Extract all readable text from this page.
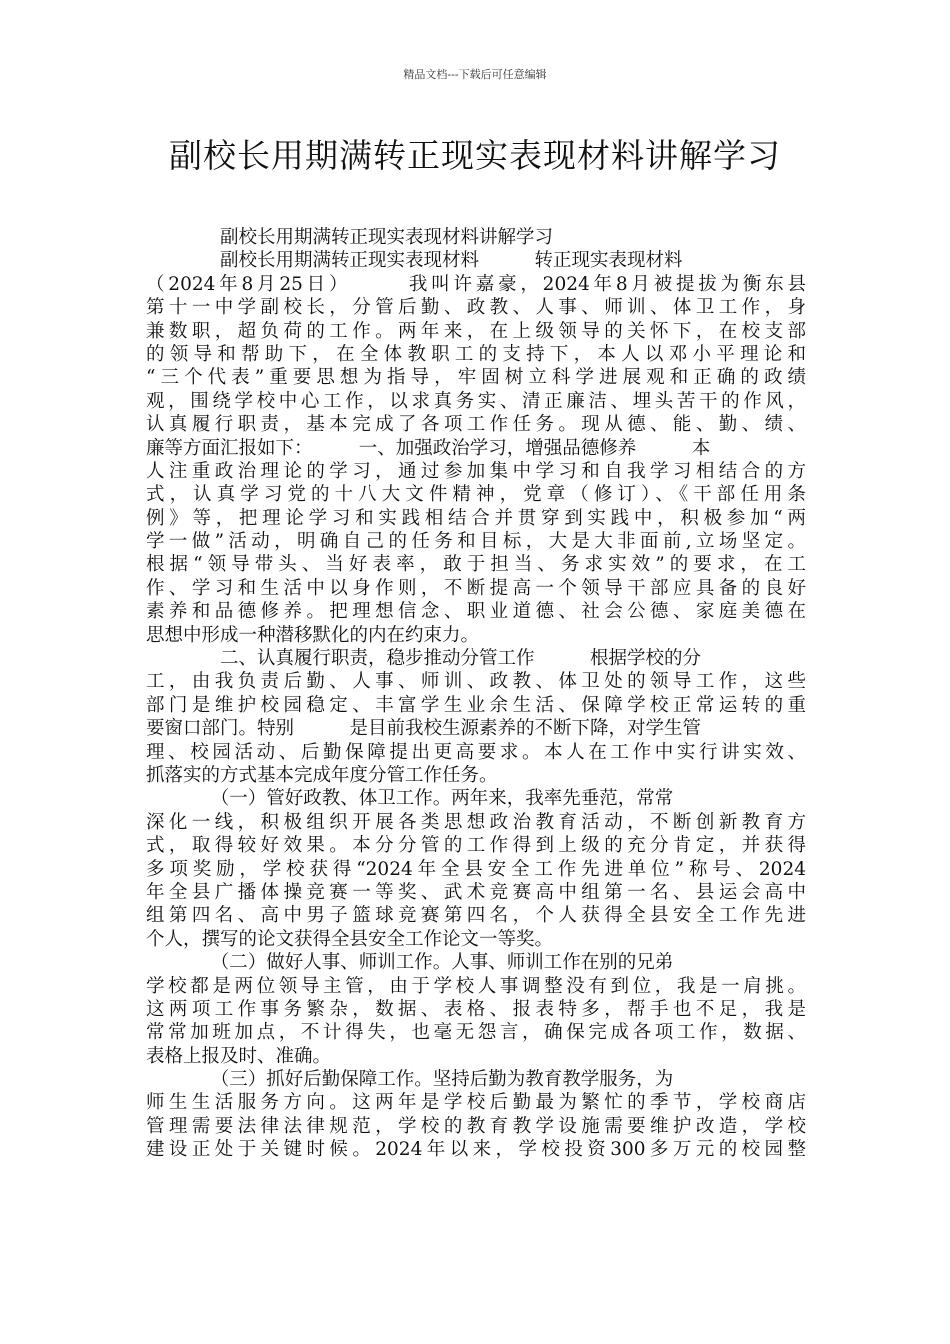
精品文档---下载后可任意编辑
副校长用期满转正现实表现材料讲解学习
　　　　副校长用期满转正现实表现材料讲解学习
　　　　副校长用期满转正现实表现材料　　　转正现实表现材料
（2024年8月25日）　　　我叫许嘉豪，2024年8月被提拔为衡东县
第十一中学副校长，分管后勤、政教、人事、师训、体卫工作，身
兼数职，超负荷的工作。两年来，在上级领导的关怀下，在校支部
的领导和帮助下，在全体教职工的支持下，本人以邓小平理论和
“三个代表”重要思想为指导，牢固树立科学进展观和正确的政绩
观，围绕学校中心工作，以求真务实、清正廉洁、埋头苦干的作风，
认真履行职责，基本完成了各项工作任务。现从德、能、勤、绩、
廉等方面汇报如下：　　　一、加强政治学习，增强品德修养　　　本
人注重政治理论的学习，通过参加集中学习和自我学习相结合的方
式，认真学习党的十八大文件精神，党章（修订）、《干部任用条
例》等，把理论学习和实践相结合并贯穿到实践中，积极参加“两
学一做”活动，明确自己的任务和目标，大是大非面前,立场坚定。
根据“领导带头、当好表率，敢于担当、务求实效”的要求，在工
作、学习和生活中以身作则，不断提高一个领导干部应具备的良好
素养和品德修养。把理想信念、职业道德、社会公德、家庭美德在
思想中形成一种潜移默化的内在约束力。
　　　　二、认真履行职责，稳步推动分管工作　　　根据学校的分
工，由我负责后勤、人事、师训、政教、体卫处的领导工作，这些
部门是维护校园稳定、丰富学生业余生活、保障学校正常运转的重
要窗口部门。特别　　　是目前我校生源素养的不断下降，对学生管
理、校园活动、后勤保障提出更高要求。本人在工作中实行讲实效、
抓落实的方式基本完成年度分管工作任务。
　　　　（一）管好政教、体卫工作。两年来，我率先垂范，常常
深化一线，积极组织开展各类思想政治教育活动，不断创新教育方
式，取得较好效果。本分分管的工作得到上级的充分肯定，并获得
多项奖励，学校获得“2024年全县安全工作先进单位”称号、2024
年全县广播体操竞赛一等奖、武术竞赛高中组第一名、县运会高中
组第四名、高中男子篮球竞赛第四名，个人获得全县安全工作先进
个人，撰写的论文获得全县安全工作论文一等奖。
　　　　（二）做好人事、师训工作。人事、师训工作在别的兄弟
学校都是两位领导主管，由于学校人事调整没有到位，我是一肩挑。
这两项工作事务繁杂，数据、表格、报表特多，帮手也不足，我是
常常加班加点，不计得失，也毫无怨言，确保完成各项工作，数据、
表格上报及时、准确。
　　　　（三）抓好后勤保障工作。坚持后勤为教育教学服务，为
师生生活服务方向。这两年是学校后勤最为繁忙的季节，学校商店
管理需要法律法律规范，学校的教育教学设施需要维护改造，学校
建设正处于关键时候。2024年以来，学校投资300多万元的校园整
